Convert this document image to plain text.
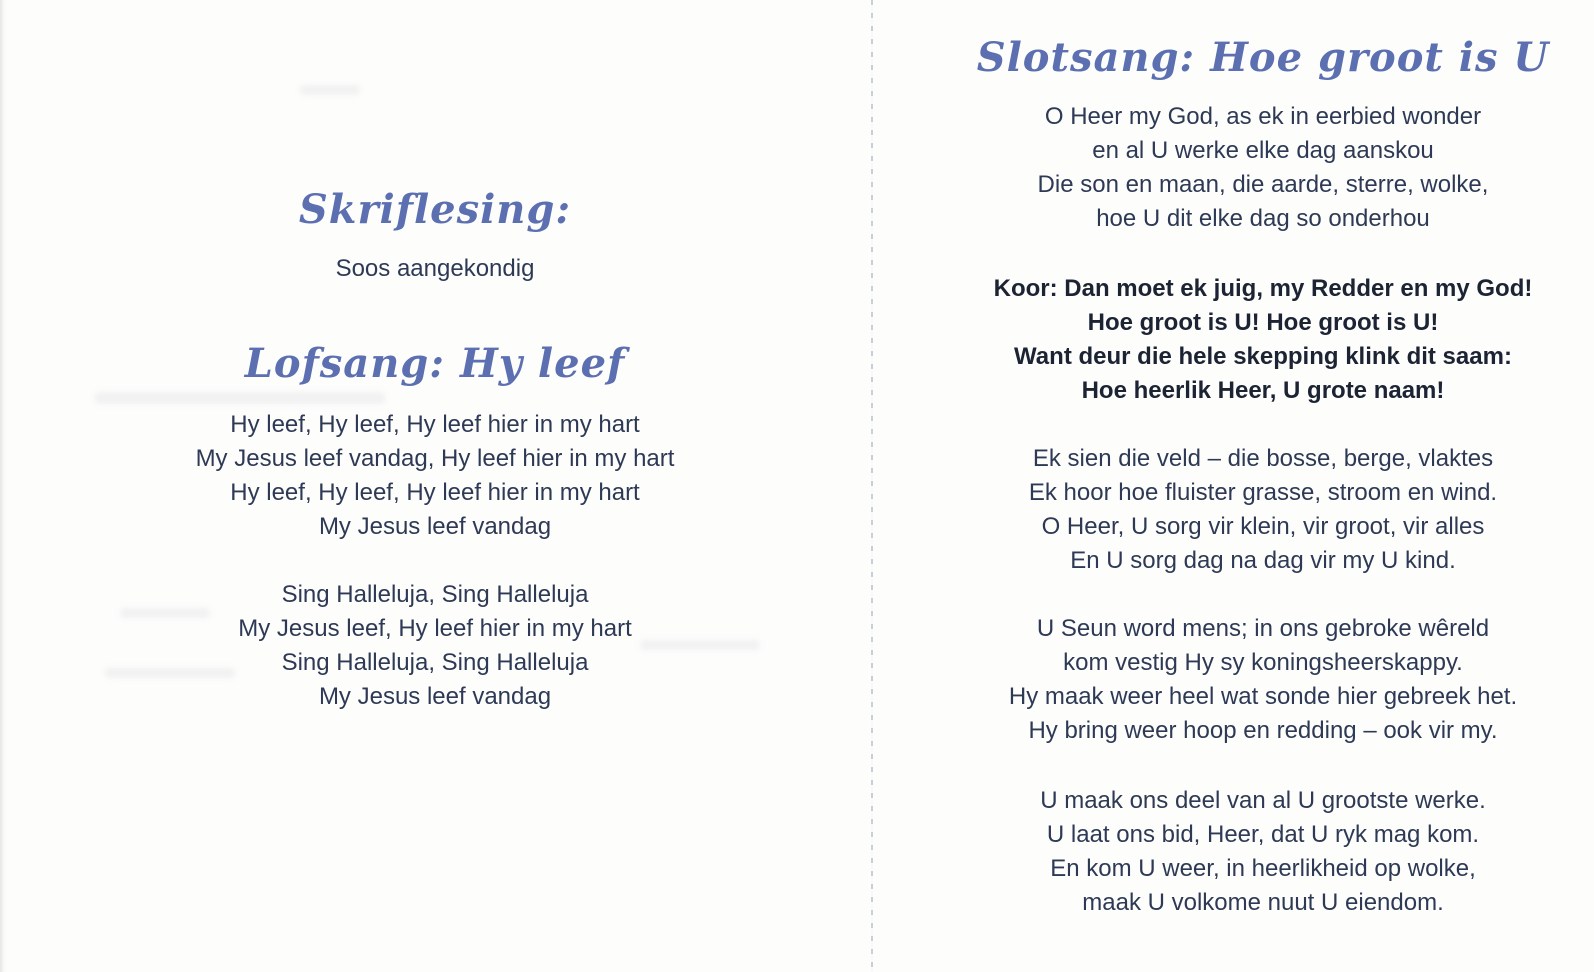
Skriflesing:
Soos aangekondig
Lofsang: Hy leef
Hy leef, Hy leef, Hy leef hier in my hart
My Jesus leef vandag, Hy leef hier in my hart
Hy leef, Hy leef, Hy leef hier in my hart
My Jesus leef vandag
Sing Halleluja, Sing Halleluja
My Jesus leef, Hy leef hier in my hart
Sing Halleluja, Sing Halleluja
My Jesus leef vandag
Slotsang: Hoe groot is U
O Heer my God, as ek in eerbied wonder
en al U werke elke dag aanskou
Die son en maan, die aarde, sterre, wolke,
hoe U dit elke dag so onderhou
Koor: Dan moet ek juig, my Redder en my God!
Hoe groot is U! Hoe groot is U!
Want deur die hele skepping klink dit saam:
Hoe heerlik Heer, U grote naam!
Ek sien die veld – die bosse, berge, vlaktes
Ek hoor hoe fluister grasse, stroom en wind.
O Heer, U sorg vir klein, vir groot, vir alles
En U sorg dag na dag vir my U kind.
U Seun word mens; in ons gebroke wêreld
kom vestig Hy sy koningsheerskappy.
Hy maak weer heel wat sonde hier gebreek het.
Hy bring weer hoop en redding – ook vir my.
U maak ons deel van al U grootste werke.
U laat ons bid, Heer, dat U ryk mag kom.
En kom U weer, in heerlikheid op wolke,
maak U volkome nuut U eiendom.
